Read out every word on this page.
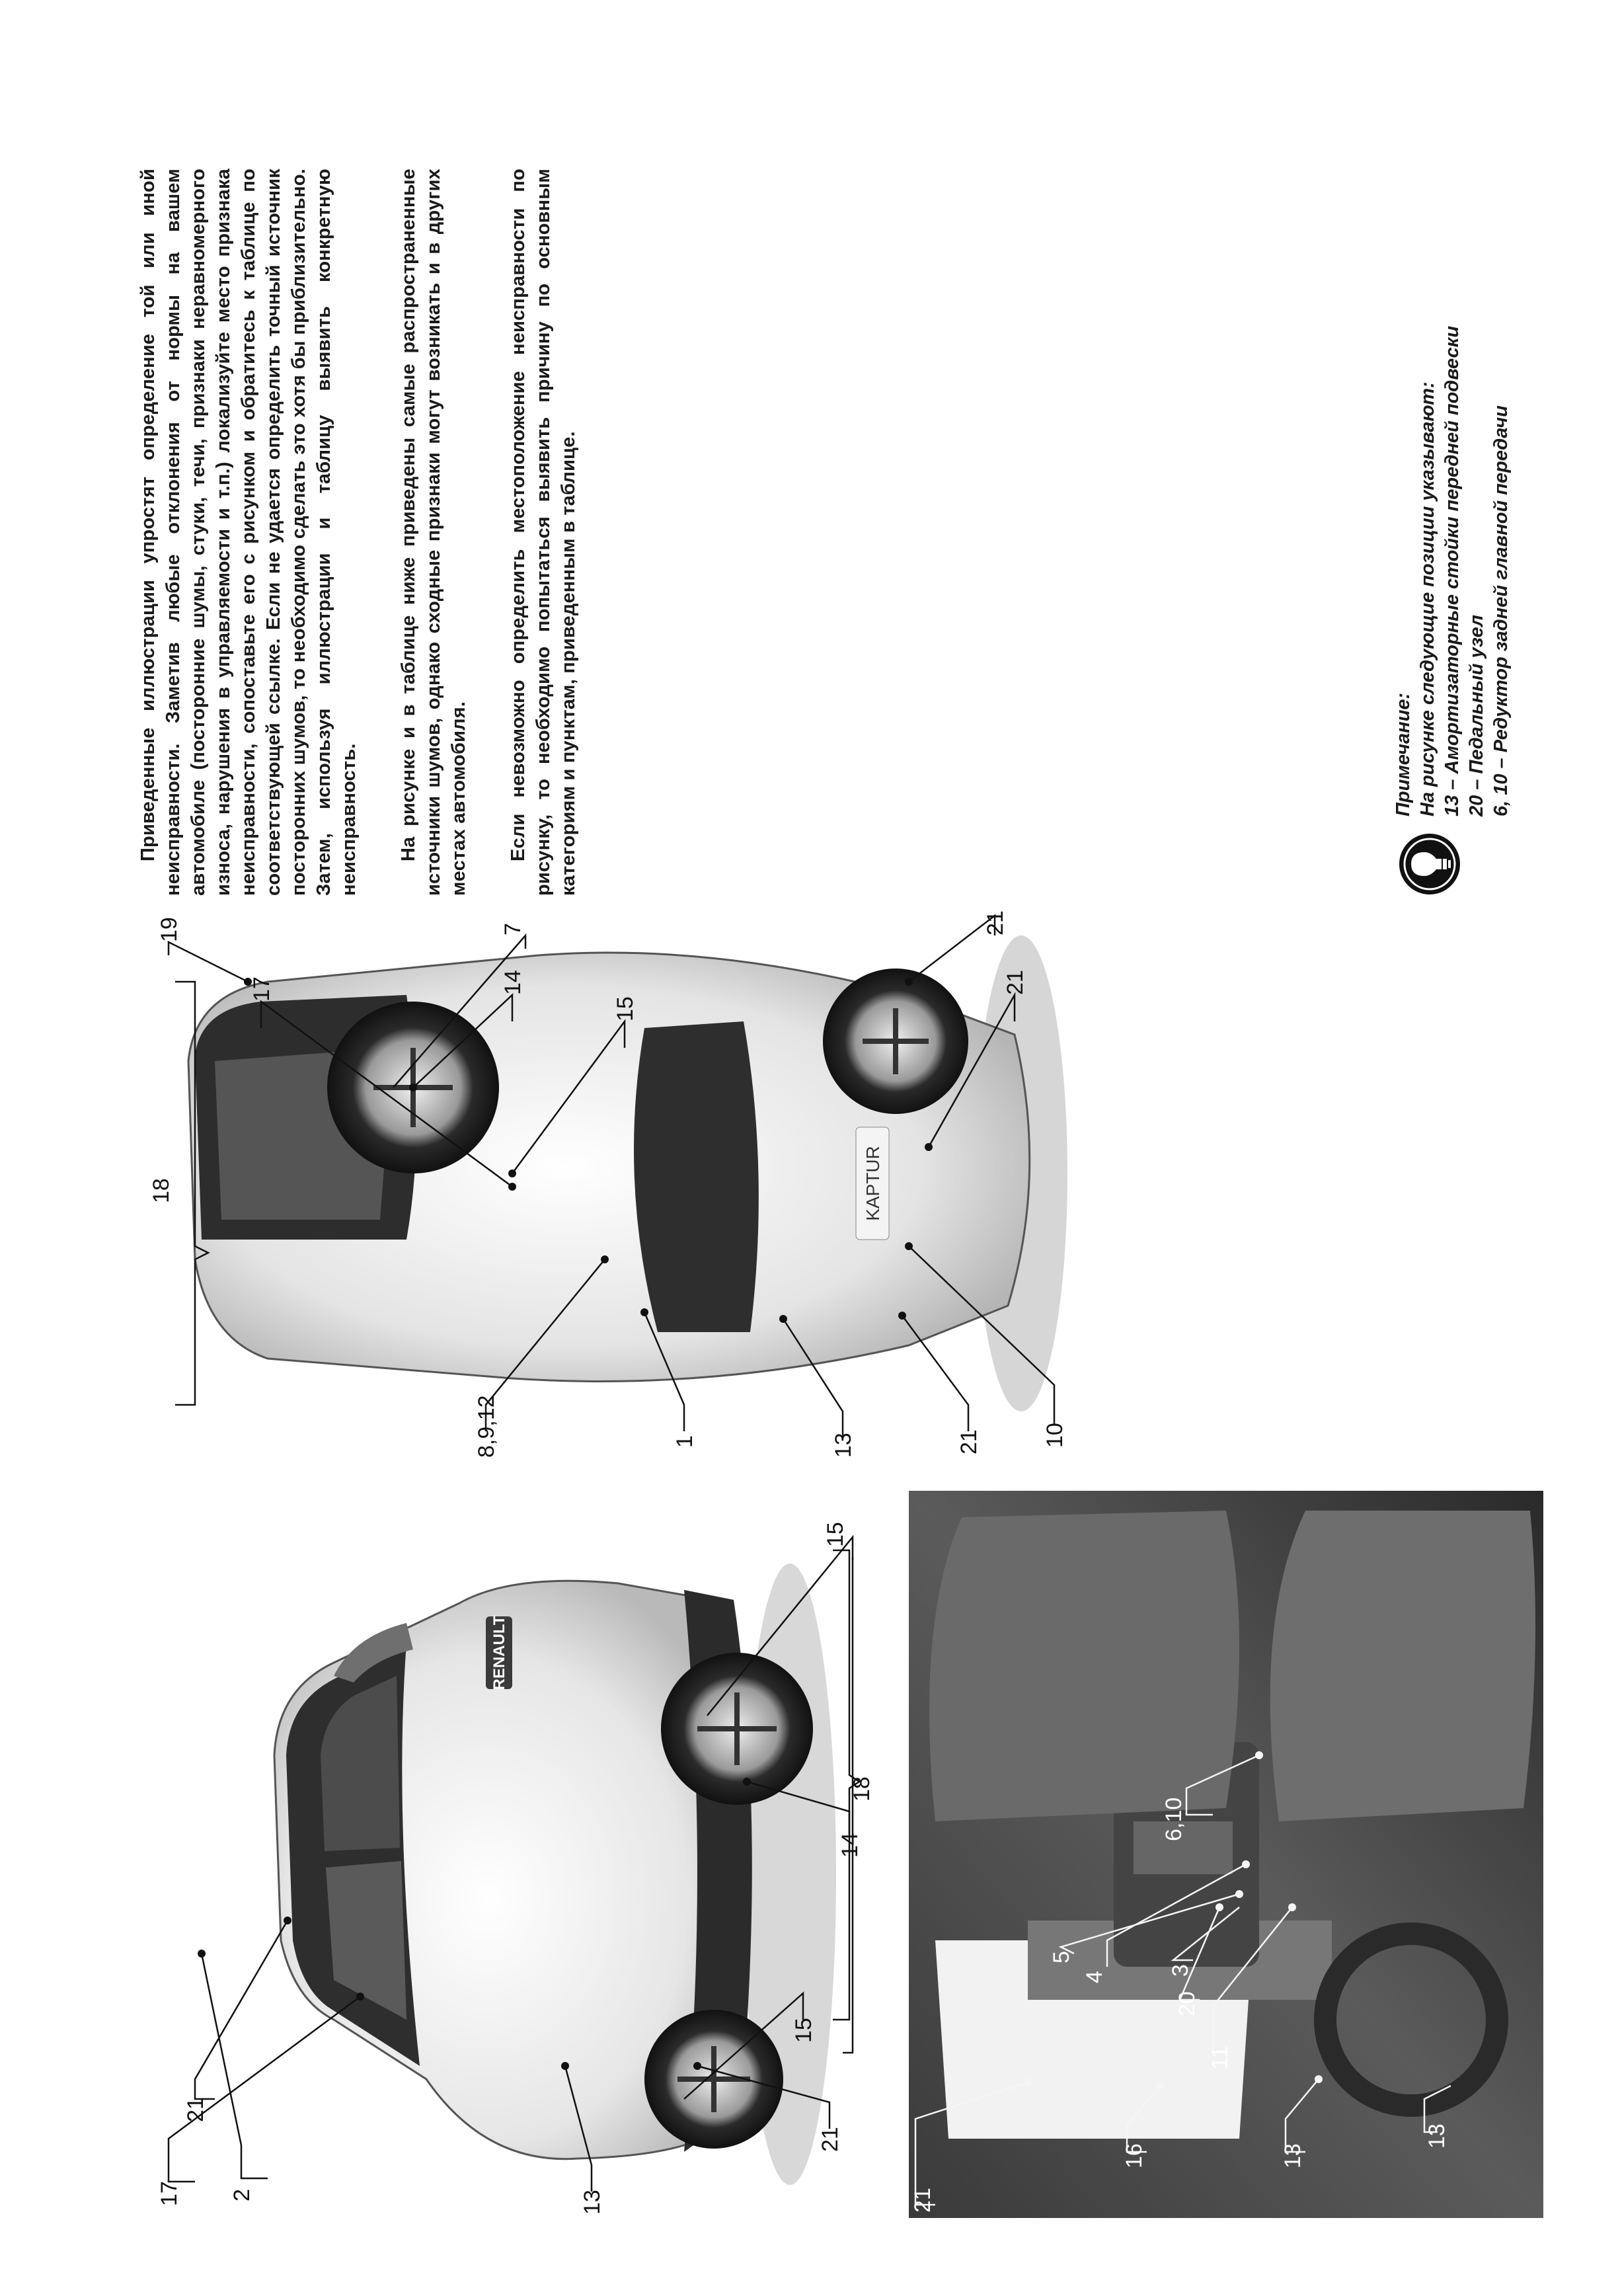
RENAULT
17
21
15
14
15
18
21
13
2	21
16	13
11
20
13
3
4
6,10
5
KAPTUR
21
13
1
8,9,12	10
21
15
14
7
17
18
21
19

Приведенные иллюстрации упростят определение той или иной неисправности. Заметив любые отклонения от нормы на вашем автомобиле (посторонние шумы, стуки, течи, признаки неравномерного износа, нарушения в управляемости и т.п.) локализуйте место признака неисправности, сопоставьте его с рисунком и обратитесь к таблице по соответствующей ссылке. Если не удается определить точный источник посторонних шумов, то необходимо сделать это хотя бы приблизительно. Затем, используя иллюстрации и таблицу выявить конкретную неисправность. На рисунке и в таблице ниже приведены самые распространенные источники шумов, однако сходные признаки могут возникать и в других местах автомобиля. Если невозможно определить местоположение неисправности по рисунку, то необходимо попытаться выявить причину по основным категориям и пунктам, приведенным в таблице.	Примечание: На рисунке следующие позиции указывают: 13 – Амортизаторные стойки передней подвески 20 – Педальный узел 6, 10 – Редуктор задней главной передачи
